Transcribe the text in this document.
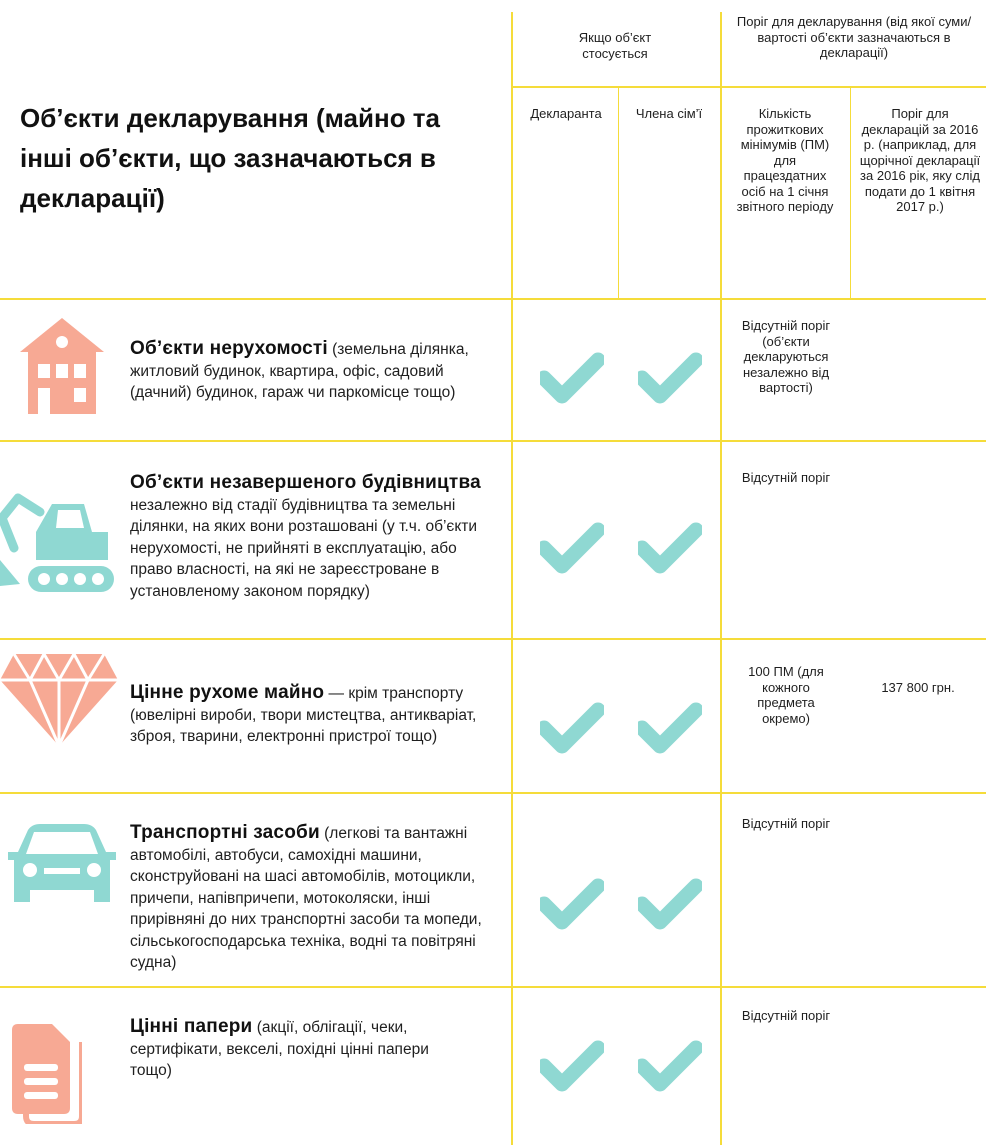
Об’єкти декларування (майно та інші об’єкти, що зазначаються в декларації)
Якщо об’єкт стосується
Поріг для декларування (від якої суми/вартості об’єкти зазначаються в декларації)
Декларанта	Члена сім’ї	Кількість прожиткових мінімумів (ПМ) для працездатних осіб на 1 січня звітного періоду
Поріг для декларацій за 2016 р. (наприклад, для щорічної декларації за 2016 рік, яку слід подати до 1 квітня 2017 р.)
Об’єкти нерухомості (земельна ділянка, житловий будинок, квартира, офіс, садовий (дачний) будинок, гараж чи паркомісце тощо)
Відсутній поріг (об’єкти декларуються незалежно від вартості)
Об’єкти незавершеного будівництва незалежно від стадії будівництва та земельні ділянки, на яких вони розташовані (у т.ч. об’єкти нерухомості, не прийняті в експлуатацію, або право власності, на які не зареєстроване в установленому законом порядку)
Відсутній поріг
Цінне рухоме майно — крім транспорту (ювелірні вироби, твори мистецтва, антикваріат, зброя, тварини, електронні пристрої тощо)
100 ПМ (для кожного предмета окремо)
137 800 грн.
Транспортні засоби (легкові та вантажні автомобілі, автобуси, самохідні машини, сконструйовані на шасі автомобілів, мотоцикли, причепи, напівпричепи, мотоколяски, інші прирівняні до них транспортні засоби та мопеди, сільськогосподарська техніка, водні та повітряні судна)
Відсутній поріг
Цінні папери (акції, облігації, чеки, сертифікати, векселі, похідні цінні папери тощо)
Відсутній поріг
